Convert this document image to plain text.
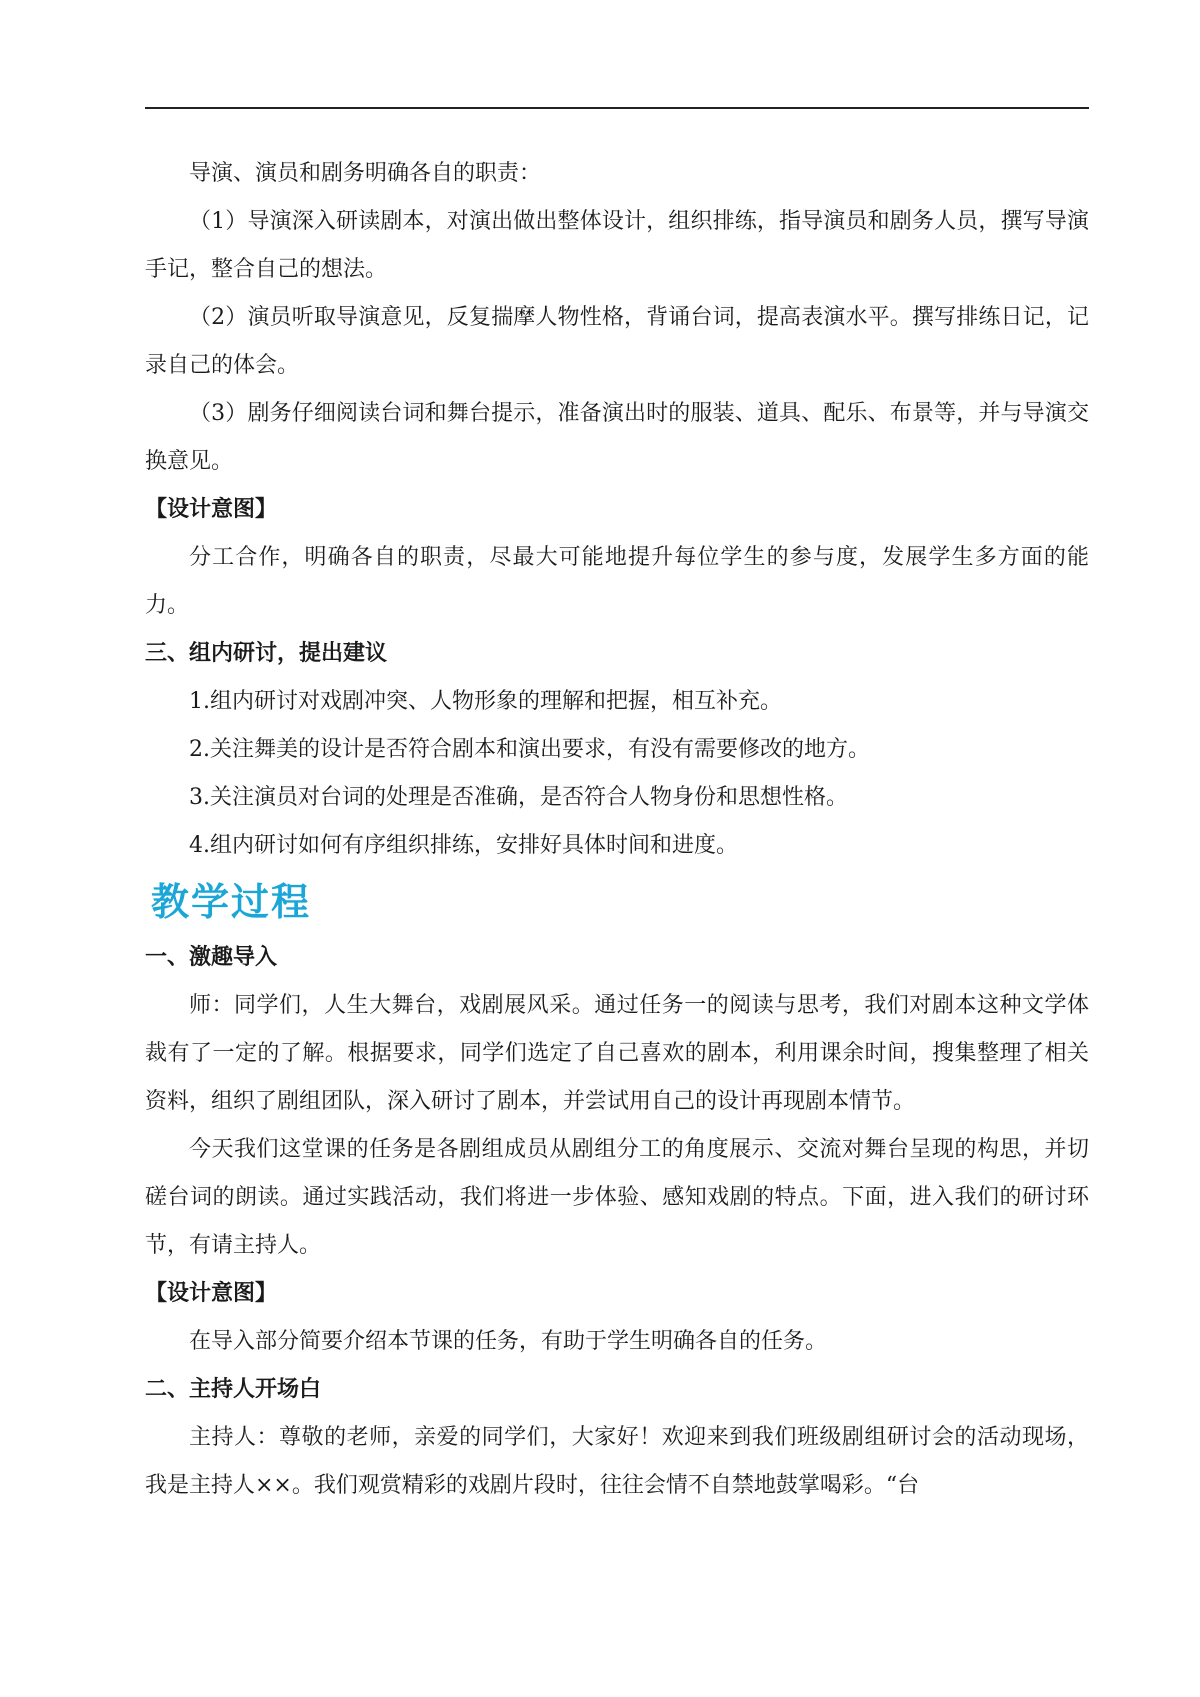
导演、演员和剧务明确各自的职责：

（1）导演深入研读剧本，对演出做出整体设计，组织排练，指导演员和剧务人员，撰写导演手记，整合自己的想法。

（2）演员听取导演意见，反复揣摩人物性格，背诵台词，提高表演水平。撰写排练日记，记录自己的体会。

（3）剧务仔细阅读台词和舞台提示，准备演出时的服装、道具、配乐、布景等，并与导演交换意见。

【设计意图】

分工合作，明确各自的职责，尽最大可能地提升每位学生的参与度，发展学生多方面的能力。

三、组内研讨，提出建议

1.组内研讨对戏剧冲突、人物形象的理解和把握，相互补充。

2.关注舞美的设计是否符合剧本和演出要求，有没有需要修改的地方。

3.关注演员对台词的处理是否准确，是否符合人物身份和思想性格。

4.组内研讨如何有序组织排练，安排好具体时间和进度。

教学过程
一、激趣导入

师：同学们，人生大舞台，戏剧展风采。通过任务一的阅读与思考，我们对剧本这种文学体裁有了一定的了解。根据要求，同学们选定了自己喜欢的剧本，利用课余时间，搜集整理了相关资料，组织了剧组团队，深入研讨了剧本，并尝试用自己的设计再现剧本情节。

今天我们这堂课的任务是各剧组成员从剧组分工的角度展示、交流对舞台呈现的构思，并切磋台词的朗读。通过实践活动，我们将进一步体验、感知戏剧的特点。下面，进入我们的研讨环节，有请主持人。

【设计意图】

在导入部分简要介绍本节课的任务，有助于学生明确各自的任务。

二、主持人开场白

主持人：尊敬的老师，亲爱的同学们，大家好！欢迎来到我们班级剧组研讨会的活动现场，我是主持人××。我们观赏精彩的戏剧片段时，往往会情不自禁地鼓掌喝彩。“台
